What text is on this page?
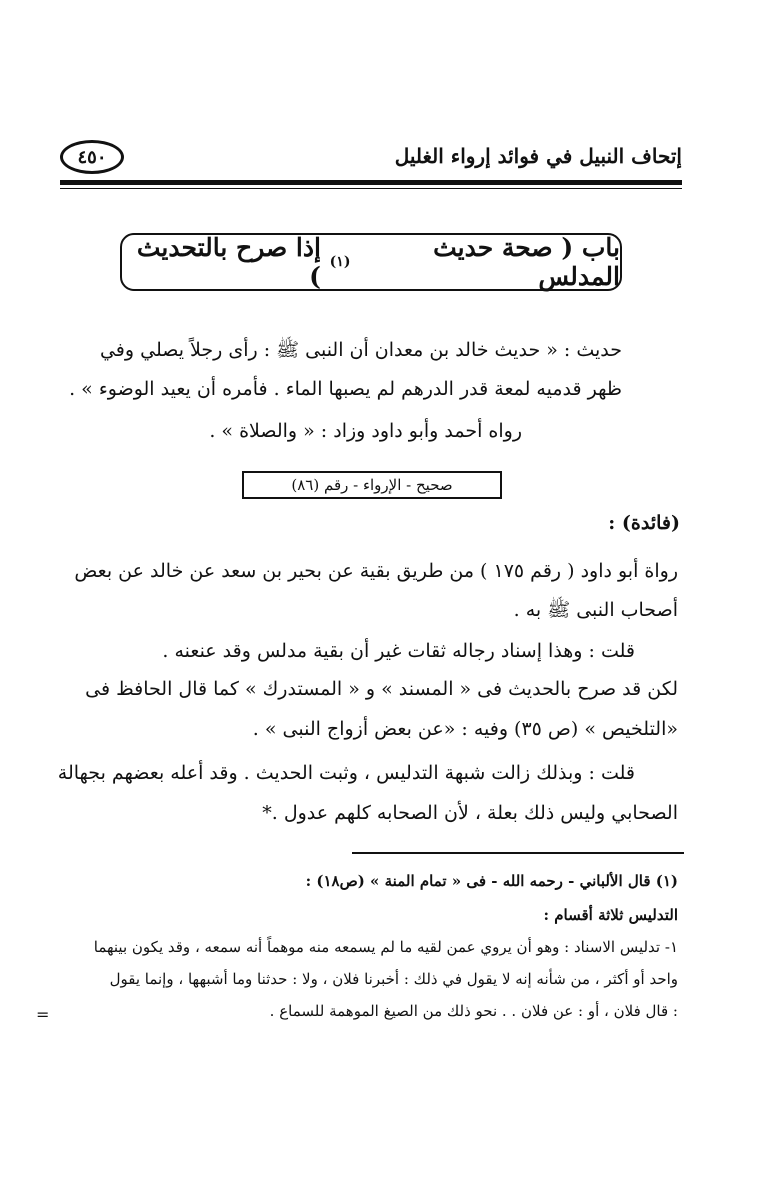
٤٥٠	إتحاف النبيل في فوائد إرواء الغليل
باب ( صحة حديث المدلس
(١)

إذا صرح بالتحديث )
حديث : « حديث خالد بن معدان أن النبى ﷺ : رأى رجلاً يصلي وفي
ظهر قدميه لمعة قدر الدرهم لم يصبها الماء . فأمره أن يعيد الوضوء » .
رواه أحمد وأبو داود وزاد : « والصلاة » .
صحيح - الإرواء - رقم (٨٦)
(فائدة) :
رواة أبو داود ( رقم ١٧٥ ) من طريق بقية عن بحير بن سعد عن خالد عن بعض
أصحاب النبى ﷺ به .
قلت : وهذا إسناد رجاله ثقات غير أن بقية مدلس وقد عنعنه .
لكن قد صرح بالحديث فى « المسند » و « المستدرك » كما قال الحافظ فى
«التلخيص » (ص ٣٥) وفيه : «عن بعض أزواج النبى » .
قلت : وبذلك زالت شبهة التدليس ، وثبت الحديث . وقد أعله بعضهم بجهالة
الصحابي وليس ذلك بعلة ، لأن الصحابه كلهم عدول .*
(١) قال الألباني - رحمه الله - فى « تمام المنة » (ص١٨) :
التدليس ثلاثة أقسام :
١- تدليس الاسناد : وهو أن يروي عمن لقيه ما لم يسمعه منه موهماً أنه سمعه ، وقد يكون بينهما
واحد أو أكثر ، من شأنه إنه لا يقول في ذلك : أخبرنا فلان ، ولا : حدثنا وما أشبهها ، وإنما يقول
: قال فلان ، أو : عن فلان . . نحو ذلك من الصيغ الموهمة للسماع .
=
